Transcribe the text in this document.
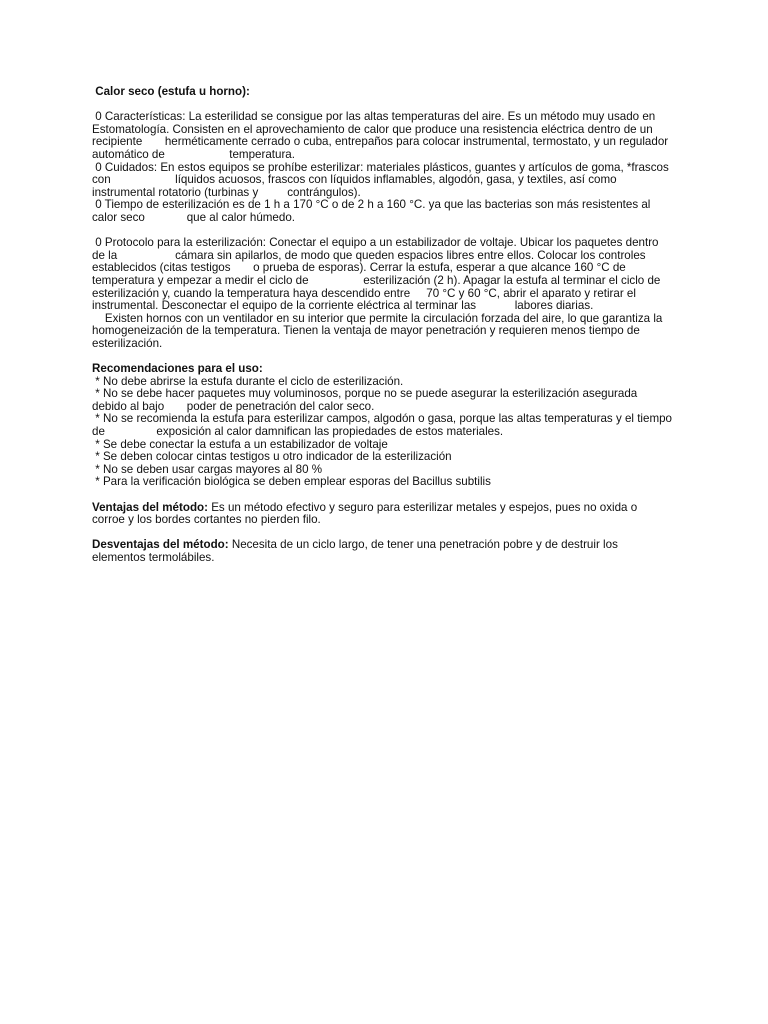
Calor seco (estufa u horno):
0 Características: La esterilidad se consigue por las altas temperaturas del aire. Es un método muy usado en
Estomatología. Consisten en el aprovechamiento de calor que produce una resistencia eléctrica dentro de un
recipiente       herméticamente cerrado o cuba, entrepaños para colocar instrumental, termostato, y un regulador
automático de                    temperatura.
0 Cuidados: En estos equipos se prohíbe esterilizar: materiales plásticos, guantes y artículos de goma, *frascos
con                    líquidos acuosos, frascos con líquidos inflamables, algodón, gasa, y textiles, así como
instrumental rotatorio (turbinas y         contrángulos).
0 Tiempo de esterilización es de 1 h a 170 °C o de 2 h a 160 °C. ya que las bacterias son más resistentes al
calor seco             que al calor húmedo.
0 Protocolo para la esterilización: Conectar el equipo a un estabilizador de voltaje. Ubicar los paquetes dentro
de la                  cámara sin apilarlos, de modo que queden espacios libres entre ellos. Colocar los controles
establecidos (citas testigos       o prueba de esporas). Cerrar la estufa, esperar a que alcance 160 °C de
temperatura y empezar a medir el ciclo de                 esterilización (2 h). Apagar la estufa al terminar el ciclo de
esterilización y, cuando la temperatura haya descendido entre     70 °C y 60 °C, abrir el aparato y retirar el
instrumental. Desconectar el equipo de la corriente eléctrica al terminar las            labores diarias.
Existen hornos con un ventilador en su interior que permite la circulación forzada del aire, lo que garantiza la
homogeneización de la temperatura. Tienen la ventaja de mayor penetración y requieren menos tiempo de
esterilización.
Recomendaciones para el uso:
* No debe abrirse la estufa durante el ciclo de esterilización.
* No se debe hacer paquetes muy voluminosos, porque no se puede asegurar la esterilización asegurada
debido al bajo       poder de penetración del calor seco.
* No se recomienda la estufa para esterilizar campos, algodón o gasa, porque las altas temperaturas y el tiempo
de                exposición al calor damnifican las propiedades de estos materiales.
* Se debe conectar la estufa a un estabilizador de voltaje
* Se deben colocar cintas testigos u otro indicador de la esterilización
* No se deben usar cargas mayores al 80 %
* Para la verificación biológica se deben emplear esporas del Bacillus subtilis
Ventajas del método: Es un método efectivo y seguro para esterilizar metales y espejos, pues no oxida o
corroe y los bordes cortantes no pierden filo.
Desventajas del método: Necesita de un ciclo largo, de tener una penetración pobre y de destruir los
elementos termolábiles.
